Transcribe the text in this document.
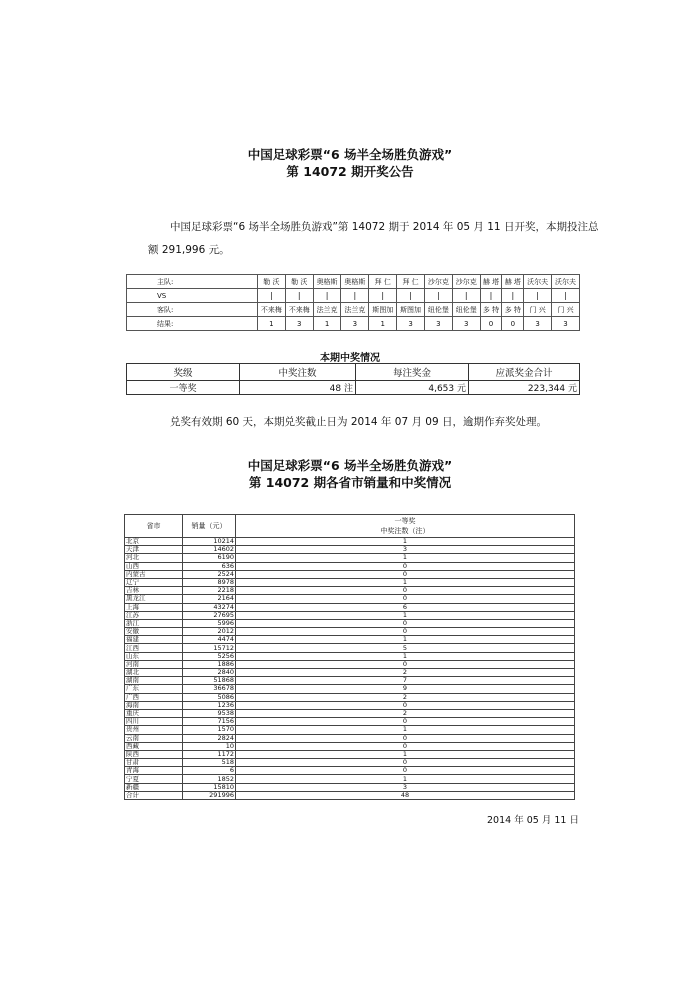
中国足球彩票“6 场半全场胜负游戏”
第 14072 期开奖公告
中国足球彩票“6 场半全场胜负游戏”第 14072 期于 2014 年 05 月 11 日开奖，本期投注总
额 291,996 元。
主队:	勒 沃	勒 沃	奥格斯	奥格斯	拜 仁	拜 仁	沙尔克	沙尔克	赫 塔	赫 塔	沃尔夫	沃尔夫
VS	|	|	|	|	|	|	|	|	|	|	|	|
客队:	不来梅	不来梅	法兰克	法兰克	斯图加	斯图加	纽伦堡	纽伦堡	多 特	多 特	门 兴	门 兴
结果:	1	3	1	3	1	3	3	3	0	0	3	3
本期中奖情况
奖级	中奖注数	每注奖金	应派奖金合计
一等奖	48 注	4,653 元	223,344 元
兑奖有效期 60 天，本期兑奖截止日为 2014 年 07 月 09 日，逾期作弃奖处理。
中国足球彩票“6 场半全场胜负游戏”
第 14072 期各省市销量和中奖情况
省市	销量（元）	一等奖
中奖注数（注）

北京	10214	1
天津	14602	3
河北	6190	1
山西	636	0
内蒙古	2524	0
辽宁	8978	1
吉林	2218	0
黑龙江	2164	0
上海	43274	6
江苏	27695	1
浙江	5996	0
安徽	2012	0
福建	4474	1
江西	15712	5
山东	5256	1
河南	1886	0
湖北	2840	2
湖南	51868	7
广东	36678	9
广西	5086	2
海南	1236	0
重庆	9538	2
四川	7156	0
贵州	1570	1
云南	2824	0
西藏	10	0
陕西	1172	1
甘肃	518	0
青海	6	0
宁夏	1852	1
新疆	15810	3
合计	291996	48
2014 年 05 月 11 日
